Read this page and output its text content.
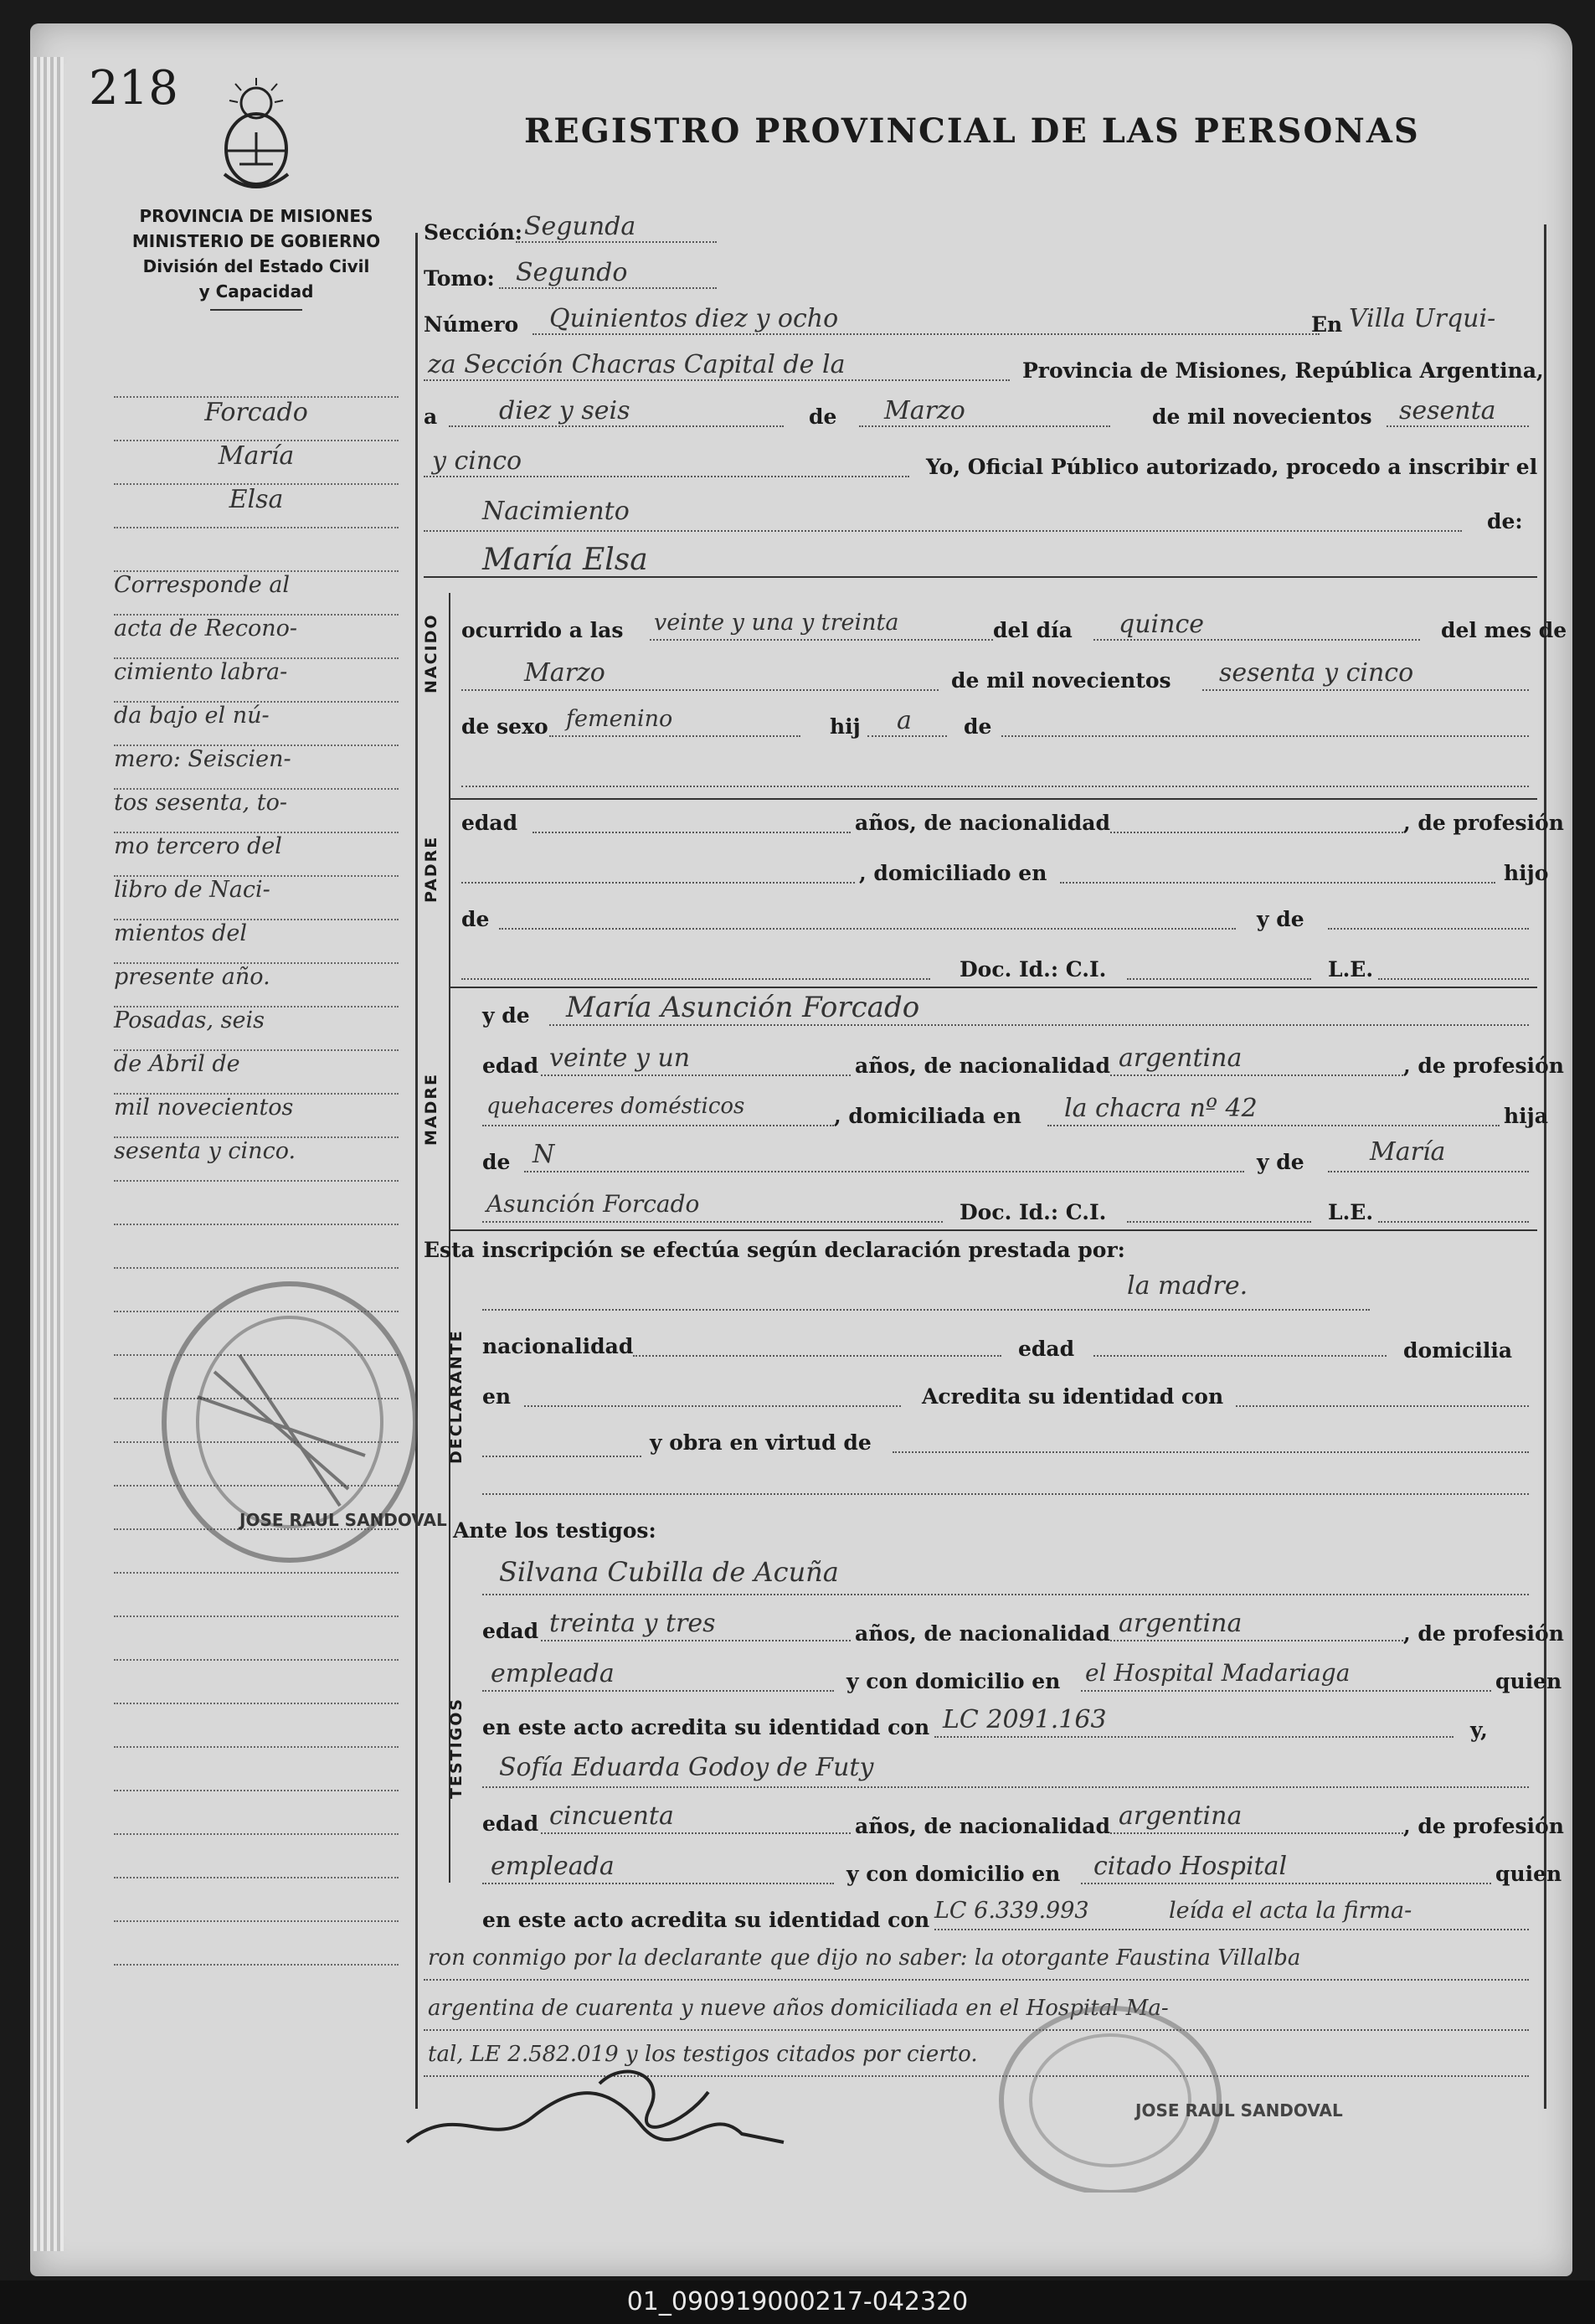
218
REGISTRO PROVINCIAL DE LAS PERSONAS
PROVINCIA DE MISIONES
MINISTERIO DE GOBIERNO
División del Estado Civil
y Capacidad
Forcado
María
Elsa
Corresponde al
acta de Recono-
cimiento labra-
da bajo el nú-
mero: Seiscien-
tos sesenta, to-
mo tercero del
libro de Naci-
mientos del
presente año.
Posadas, seis
de Abril de
mil novecientos
sesenta y cinco.
Sección: Segunda
Tomo: Segundo
Número Quinientos diez y ocho	En Villa Urqui-
za Sección Chacras Capital de la	Provincia de Misiones, República Argentina,
a diez y seis	de Marzo	de mil novecientos sesenta
y cinco	Yo, Oficial Público autorizado, procedo a inscribir el
Nacimiento	de:
María Elsa
NACIDO ocurrido a las veinte y una y treinta	del día quince	del mes de
Marzo	de mil novecientos sesenta y cinco
de sexo femenino	hij a de
PADRE
edad	años, de nacionalidad	, de profesión
, domiciliado en	hijo
de	y de
Doc. Id.: C.I.	L.E.
MADRE
y de María Asunción Forcado
edad veinte y un	años, de nacionalidad argentina	, de profesión
quehaceres domésticos	, domiciliada en la chacra nº 42	hija
de N	y de	María
Asunción Forcado	Doc. Id.: C.I.	L.E.
Esta inscripción se efectúa según declaración prestada por:
DECLARANTE
la madre.
nacionalidad	edad	domicilia
en	Acredita su identidad con
y obra en virtud de
Ante los testigos:
TESTIGOS
Silvana Cubilla de Acuña
edad treinta y tres	años, de nacionalidad argentina	, de profesión
empleada	y con domicilio en el Hospital Madariaga	quien
en este acto acredita su identidad con LC 2091.163	y,
Sofía Eduarda Godoy de Futy
edad cincuenta	años, de nacionalidad argentina	, de profesión
empleada	y con domicilio en citado Hospital	quien
en este acto acredita su identidad con LC 6.339.993	leída el acta la firma-
ron conmigo por la declarante que dijo no saber: la otorgante Faustina Villalba
argentina de cuarenta y nueve años domiciliada en el Hospital Ma-
tal, LE 2.582.019 y los testigos citados por cierto.
JOSE RAUL SANDOVAL
JOSE RAUL SANDOVAL
01_090919000217-042320
